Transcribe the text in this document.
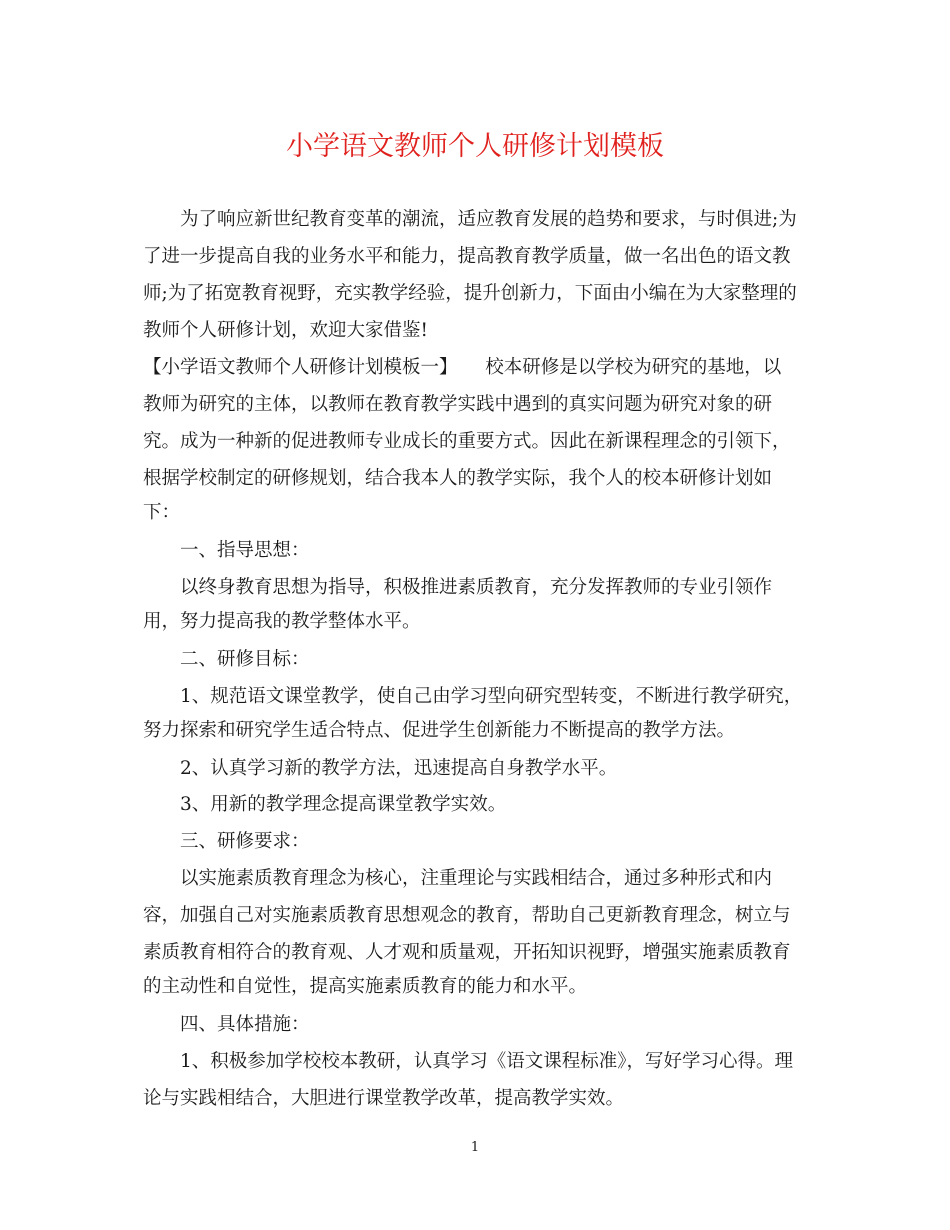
小学语文教师个人研修计划模板

　　为了响应新世纪教育变革的潮流，适应教育发展的趋势和要求，与时俱进;为

了进一步提高自我的业务水平和能力，提高教育教学质量，做一名出色的语文教

师;为了拓宽教育视野，充实教学经验，提升创新力，下面由小编在为大家整理的

教师个人研修计划，欢迎大家借鉴!

【小学语文教师个人研修计划模板一】　　校本研修是以学校为研究的基地，以

教师为研究的主体，以教师在教育教学实践中遇到的真实问题为研究对象的研

究。成为一种新的促进教师专业成长的重要方式。因此在新课程理念的引领下，

根据学校制定的研修规划，结合我本人的教学实际，我个人的校本研修计划如

下：

　　一、指导思想：

　　以终身教育思想为指导，积极推进素质教育，充分发挥教师的专业引领作

用，努力提高我的教学整体水平。

　　二、研修目标：

　　1、规范语文课堂教学，使自己由学习型向研究型转变，不断进行教学研究，

努力探索和研究学生适合特点、促进学生创新能力不断提高的教学方法。

　　2、认真学习新的教学方法，迅速提高自身教学水平。

　　3、用新的教学理念提高课堂教学实效。

　　三、研修要求：

　　以实施素质教育理念为核心，注重理论与实践相结合，通过多种形式和内

容，加强自己对实施素质教育思想观念的教育，帮助自己更新教育理念，树立与

素质教育相符合的教育观、人才观和质量观，开拓知识视野，增强实施素质教育

的主动性和自觉性，提高实施素质教育的能力和水平。

　　四、具体措施：

　　1、积极参加学校校本教研，认真学习《语文课程标准》，写好学习心得。理

论与实践相结合，大胆进行课堂教学改革，提高教学实效。

1
